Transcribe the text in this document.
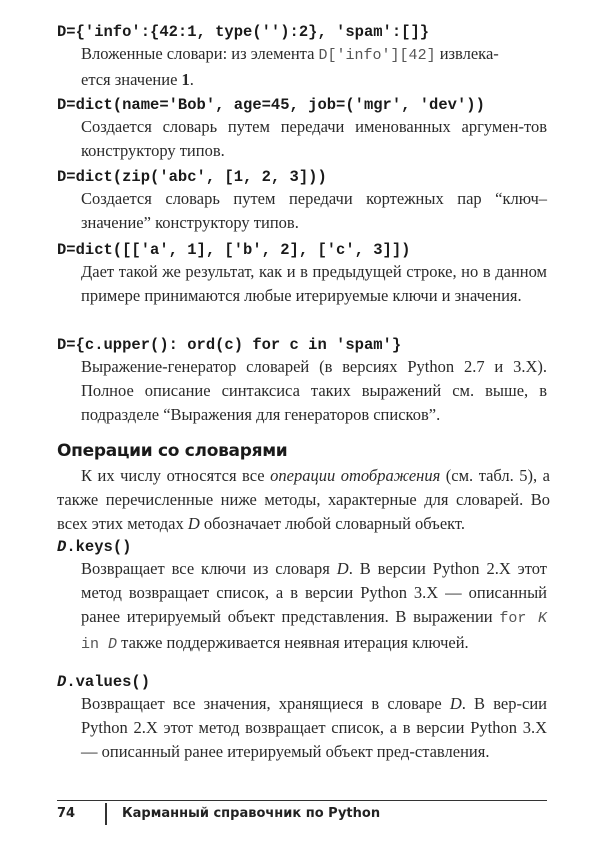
D={'info':{42:1, type(''):2}, 'spam':[]}
Вложенные словари: из элемента D['info'][42] извлека-
ется значение 1.
D=dict(name='Bob', age=45, job=('mgr', 'dev'))
Создается словарь путем передачи именованных аргумен-тов конструктору типов.
D=dict(zip('abc', [1, 2, 3]))
Создается словарь путем передачи кортежных пар “ключ–значение” конструктору типов.
D=dict([['a', 1], ['b', 2], ['c', 3]])
Дает такой же результат, как и в предыдущей строке, но в данном примере принимаются любые итерируемые ключи и значения.
D={c.upper(): ord(c) for c in 'spam'}
Выражение-генератор словарей (в версиях Python 2.7 и 3.X). Полное описание синтаксиса таких выражений см. выше, в подразделе “Выражения для генераторов списков”.
Операции со словарями
К их числу относятся все операции отображения (см. табл. 5), а также перечисленные ниже методы, характерные для словарей. Во всех этих методах D обозначает любой словарный объект.
D.keys()
Возвращает все ключи из словаря D. В версии Python 2.X этот метод возвращает список, а в версии Python 3.X — описанный ранее итерируемый объект представления. В выражении for K in D также поддерживается неявная итерация ключей.
D.values()
Возвращает все значения, хранящиеся в словаре D. В вер-сии Python 2.X этот метод возвращает список, а в версии Python 3.X — описанный ранее итерируемый объект пред-ставления.
74	Карманный справочник по Python
